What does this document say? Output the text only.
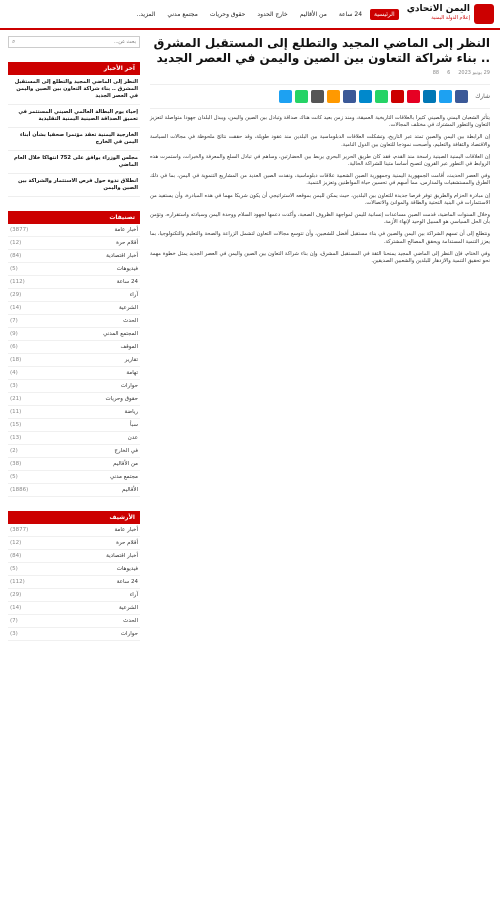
اليمن الاتحادي
إعلام الدولة اليمنية
الرئيسية
24 ساعة
من الأقاليم
خارج الحدود
حقوق وحريات
مجتمع مدني
المزيد..
النظر إلى الماضي المجيد والتطلع إلى المستقبل المشرق .. بناء شراكة التعاون بين الصين واليمن في العصر الجديد
29 يونيو 2023
6
88
شارك

يتأثر الشعبان اليمني والصيني كثيرا بالعلاقات التاريخية العميقة، ومنذ زمن بعيد كانت هناك صداقة وتبادل بين الصين واليمن، ويبذل البلدان جهودا متواصلة لتعزيز التعاون والتطور المشترك في مختلف المجالات.

إن الرابطة بين اليمن والصين تمتد عبر التاريخ، وتشكلت العلاقات الدبلوماسية بين البلدين منذ عقود طويلة، وقد حققت نتائج ملحوظة في مجالات السياسة والاقتصاد والثقافة والتعليم، وأصبحت نموذجا للتعاون بين الدول النامية.

إن العلاقات اليمنية الصينية راسخة منذ القدم، فقد كان طريق الحرير البحري يربط بين الحضارتين، وساهم في تبادل السلع والمعرفة والخبرات، واستمرت هذه الروابط في التطور عبر القرون لتصبح أساسا متينا للشراكة الحالية.

وفي العصر الحديث، أقامت الجمهورية اليمنية وجمهورية الصين الشعبية علاقات دبلوماسية، ونفذت الصين العديد من المشاريع التنموية في اليمن، بما في ذلك الطرق والمستشفيات والمدارس، مما أسهم في تحسين حياة المواطنين وتعزيز التنمية.

إن مبادرة الحزام والطريق توفر فرصا جديدة للتعاون بين البلدين، حيث يمكن لليمن بموقعه الاستراتيجي أن يكون شريكا مهما في هذه المبادرة، وأن يستفيد من الاستثمارات في البنية التحتية والطاقة والموانئ والاتصالات.

وخلال السنوات الماضية، قدمت الصين مساعدات إنسانية لليمن لمواجهة الظروف الصعبة، وأكدت دعمها لجهود السلام ووحدة اليمن وسيادته واستقراره، وتؤمن بأن الحل السياسي هو السبيل الوحيد لإنهاء الأزمة.

ونتطلع إلى أن تسهم الشراكة بين اليمن والصين في بناء مستقبل أفضل للشعبين، وأن تتوسع مجالات التعاون لتشمل الزراعة والصحة والتعليم والتكنولوجيا، بما يعزز التنمية المستدامة ويحقق المصالح المشتركة.

وفي الختام، فإن النظر إلى الماضي المجيد يمنحنا الثقة في المستقبل المشرق، وإن بناء شراكة التعاون بين الصين واليمن في العصر الجديد يمثل خطوة مهمة نحو تحقيق التنمية والازدهار للبلدين والشعبين الصديقين.

بحث عن...
⌕
آخر الأخبار
النظر إلى الماضي المجيد والتطلع إلى المستقبل المشرق .. بناء شراكة التعاون بين الصين واليمن في العصر الجديد
إحياء يوم البطالة العالمي الصيني المستثمر في تعميق الصداقة الصينية اليمنية التقليدية
الخارجية اليمنية تعقد مؤتمرا صحفيا بشأن أبناء اليمن في الخارج
مجلس الوزراء يوافق على 752 انتهاكا خلال العام الماضي
انطلاق ندوة حول فرص الاستثمار والشراكة بين الصين واليمن
تصنيفات
أخبار عامة
(3877)
أقلام حرة
(12)
أخبار اقتصادية
(84)
فيديوهات
(5)
24 ساعة
(112)
آراء
(29)
الشرعية
(14)
الحدث
(7)
المجتمع المدني
(9)
الموقف
(6)
تقارير
(18)
تهامة
(4)
حوارات
(3)
حقوق وحريات
(21)
رياضة
(11)
سبأ
(15)
عدن
(13)
في الخارج
(2)
من الأقاليم
(38)
مجتمع مدني
(5)
الأقاليم
(1886)
الأرشيف
أخبار عامة
(3877)
أقلام حرة
(12)
أخبار اقتصادية
(84)
فيديوهات
(5)
24 ساعة
(112)
آراء
(29)
الشرعية
(14)
الحدث
(7)
حوارات
(3)
